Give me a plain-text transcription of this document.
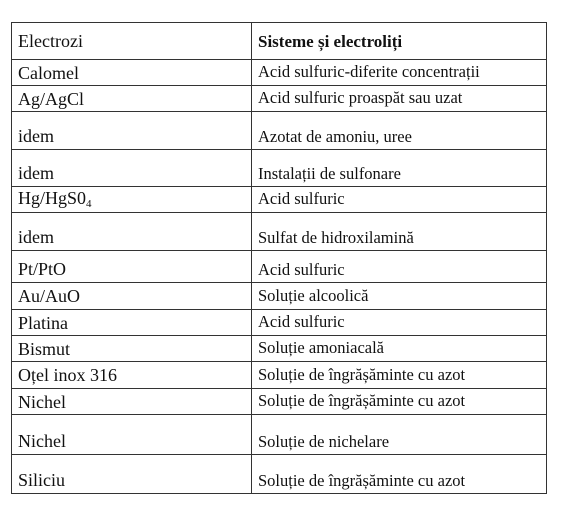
Electrozi	Sisteme și electroliți
Calomel	Acid sulfuric-diferite concentrații
Ag/AgCl	Acid sulfuric proaspăt sau uzat
idem	Azotat de amoniu, uree
idem	Instalații de sulfonare
$Hg/HgS0_4$	Acid sulfuric
idem	Sulfat de hidroxilamină
Pt/PtO	Acid sulfuric
Au/AuO	Soluție alcoolică
Platina	Acid sulfuric
Bismut	Soluție amoniacală
Oțel inox 316	Soluție de îngrășăminte cu azot
Nichel	Soluție de îngrășăminte cu azot
Nichel	Soluție de nichelare
Siliciu	Soluție de îngrășăminte cu azot
